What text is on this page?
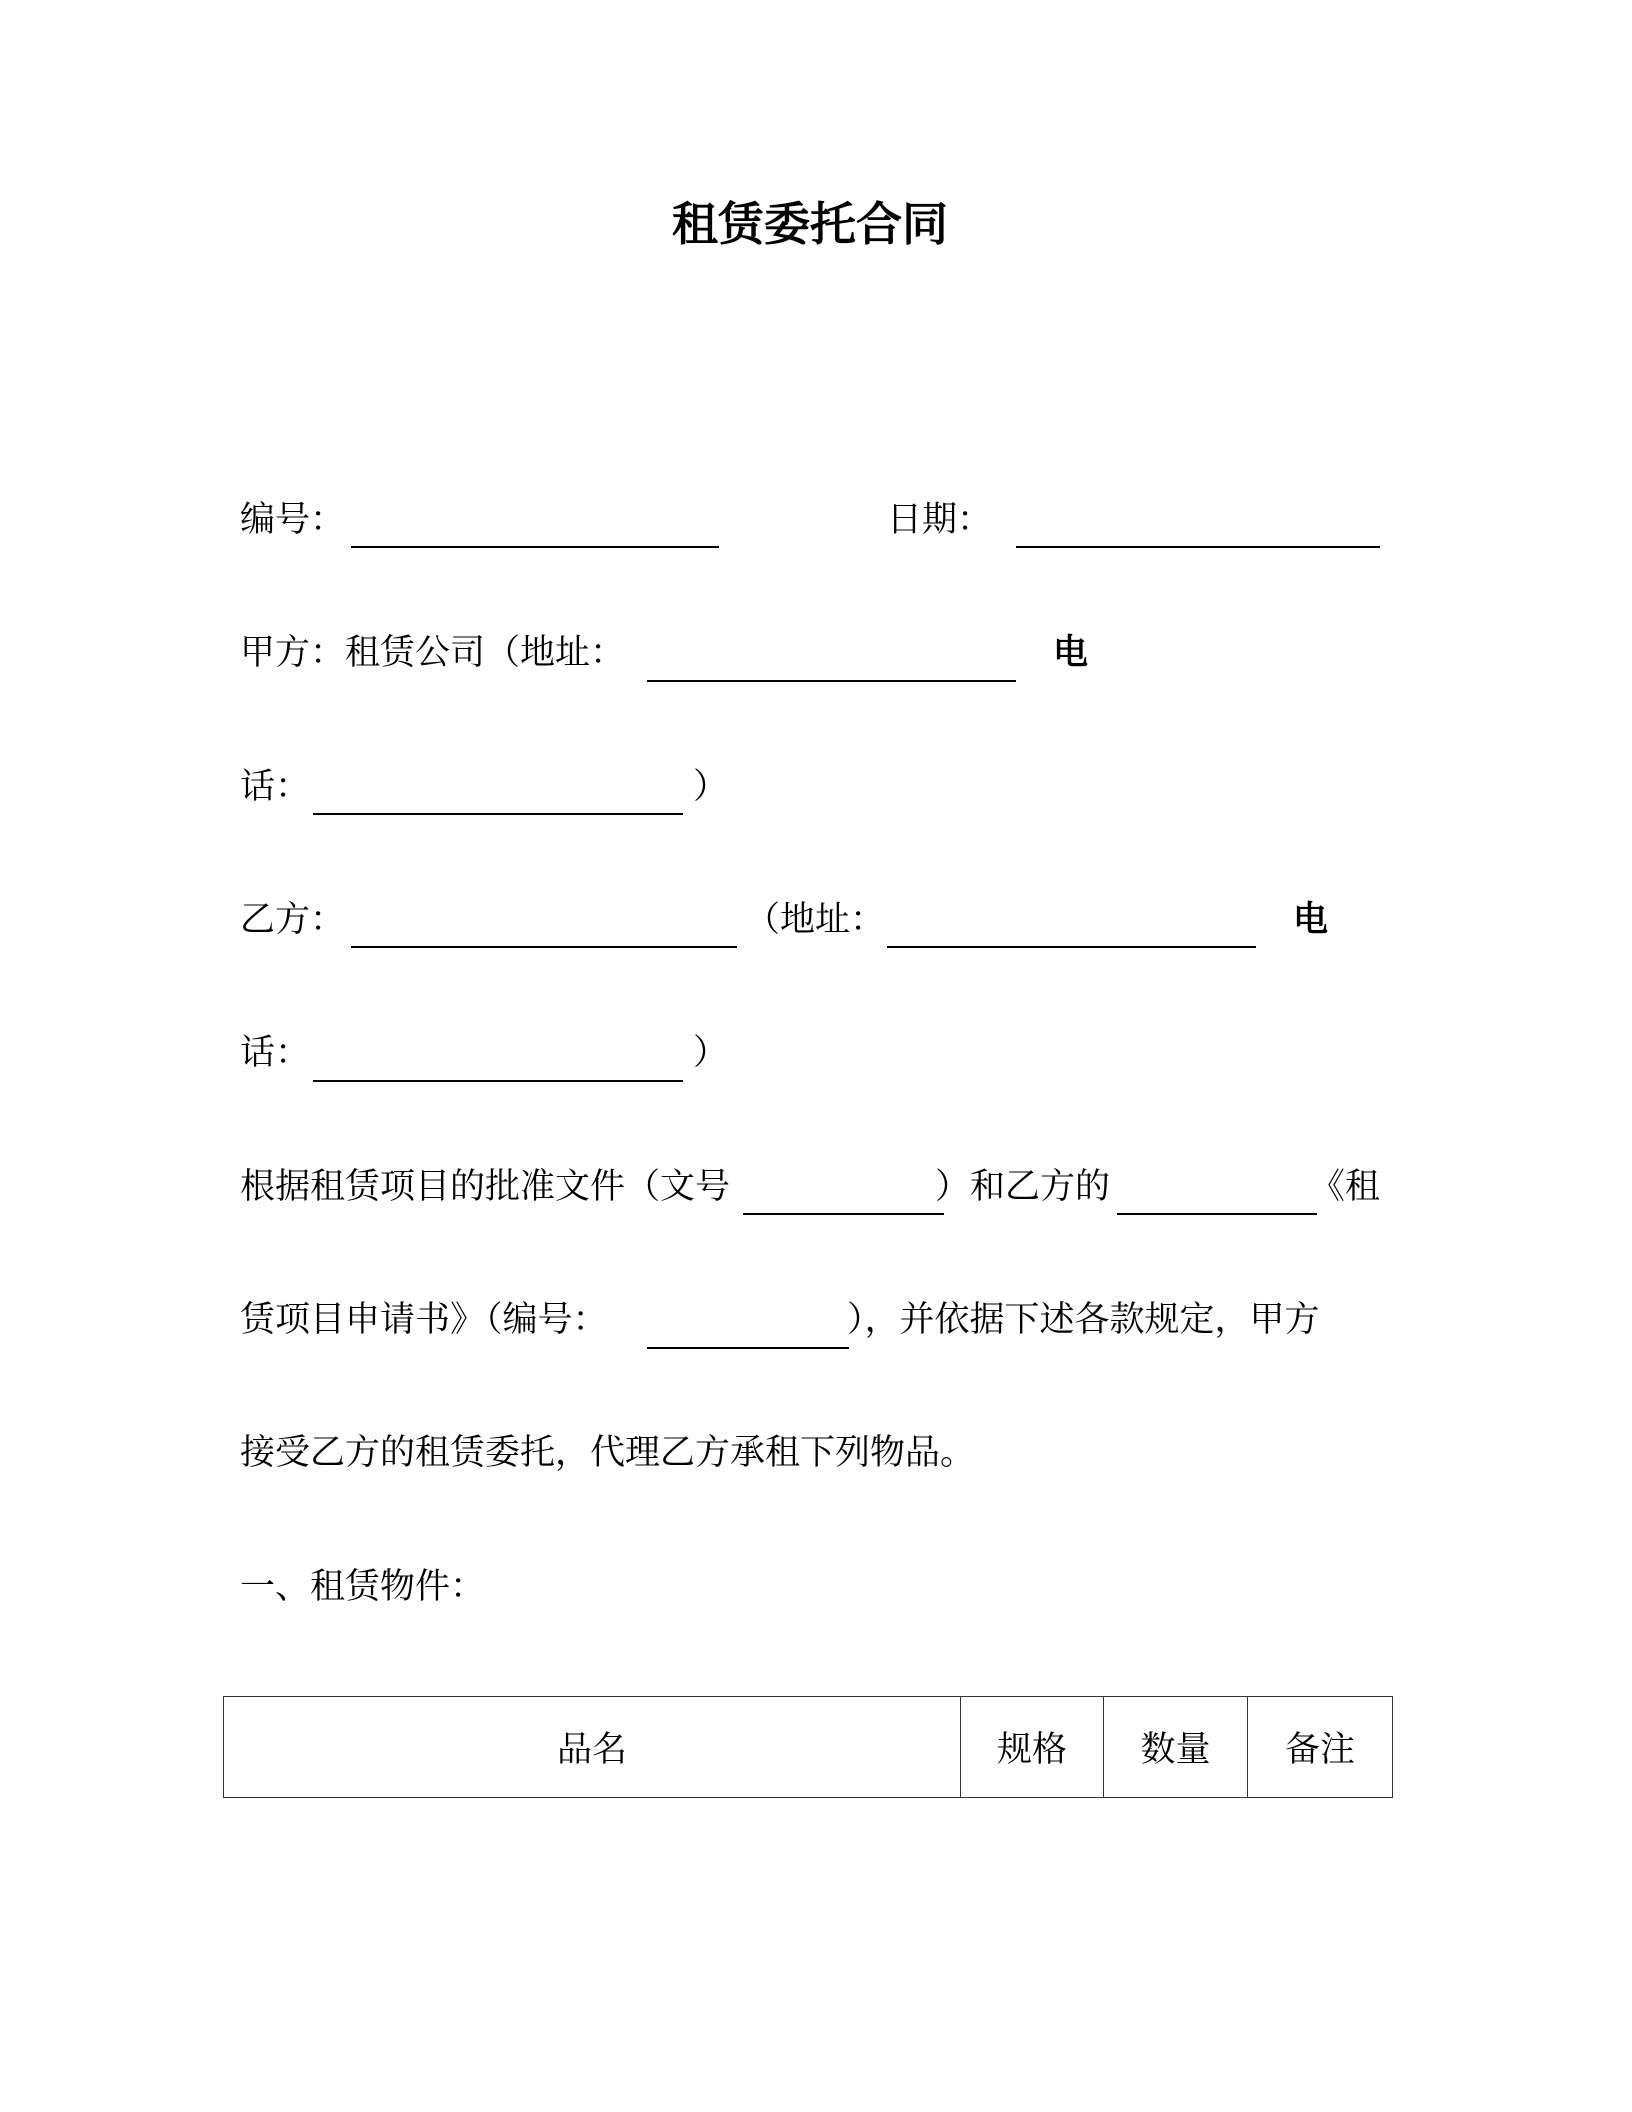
租赁委托合同
编号：	日期：
甲方：租赁公司（地址：	电
话：	）
乙方：	（地址：	电
话：	）
根据租赁项目的批准文件（文号	）和乙方的	《租
赁项目申请书》（编号：	），并依据下述各款规定，甲方
接受乙方的租赁委托，代理乙方承租下列物品。
一、租赁物件：
品名	规格	数量	备注
